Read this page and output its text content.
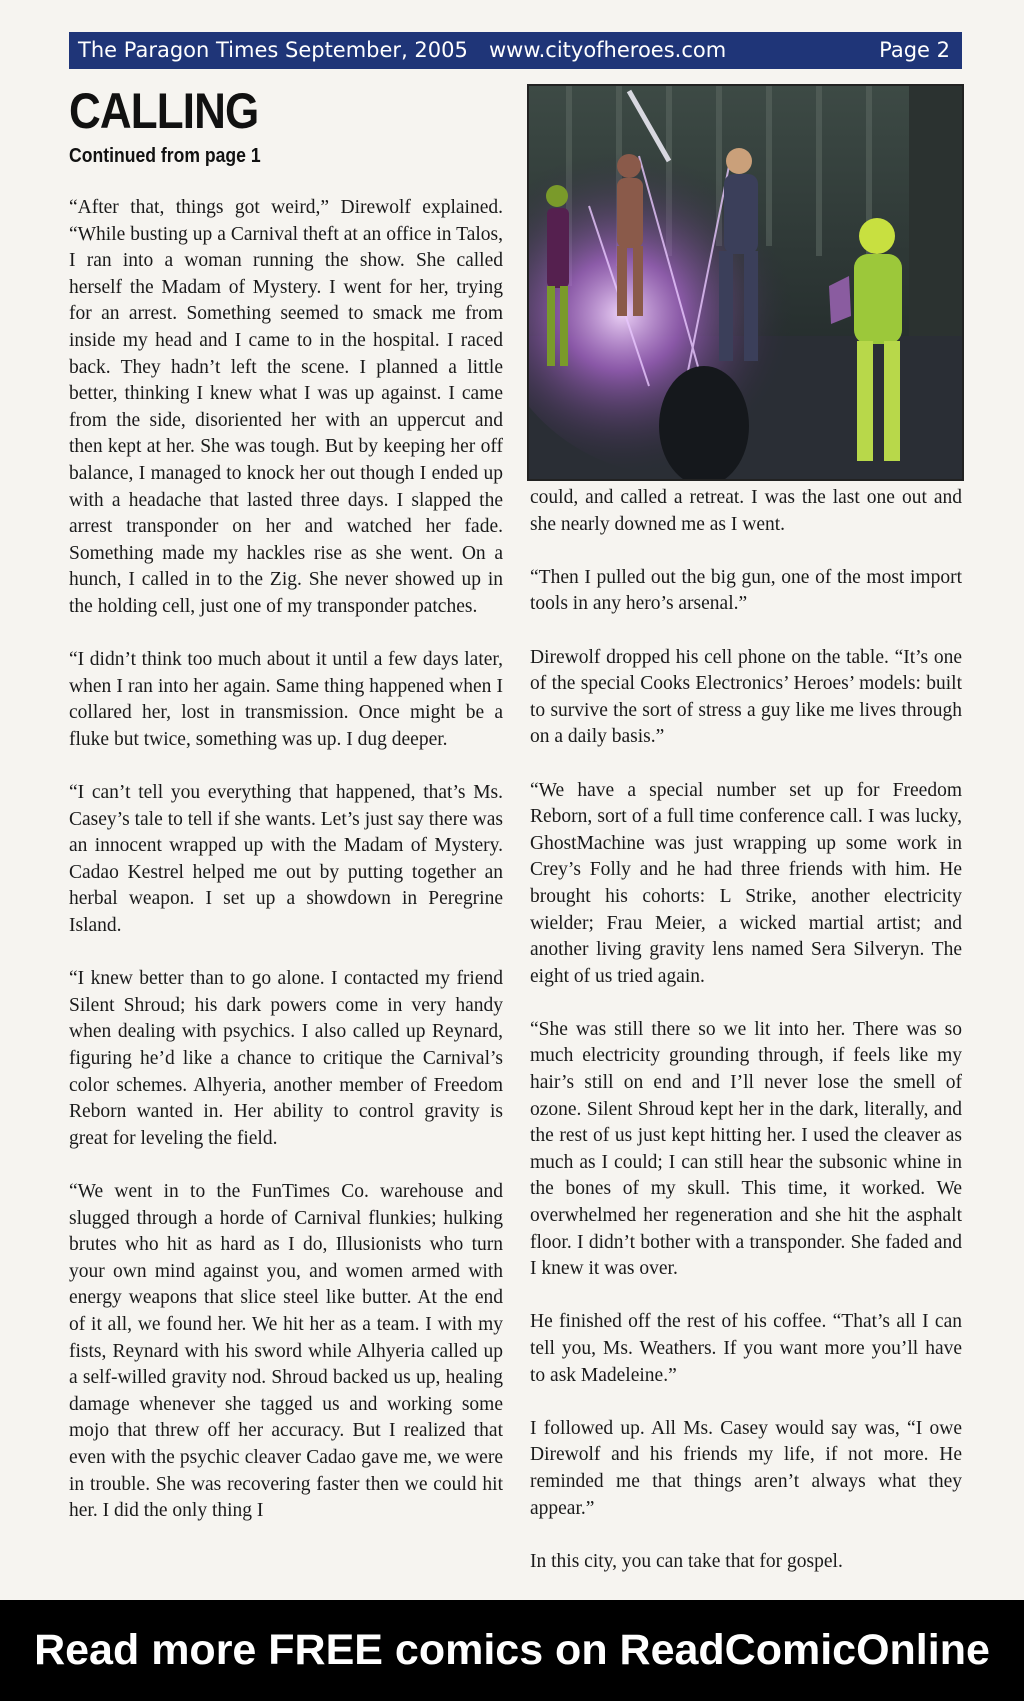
The Paragon Times September, 2005 www.cityofheroes.com	Page 2
CALLING
Continued from page 1

“After that, things got weird,” Direwolf explained. “While busting up a Carnival theft at an office in Talos, I ran into a woman running the show. She called herself the Madam of Mystery. I went for her, trying for an arrest. Something seemed to smack me from inside my head and I came to in the hospital. I raced back. They hadn’t left the scene. I planned a little better, thinking I knew what I was up against. I came from the side, disoriented her with an uppercut and then kept at her. She was tough. But by keeping her off balance, I managed to knock her out though I ended up with a headache that lasted three days. I slapped the arrest transponder on her and watched her fade. Something made my hackles rise as she went. On a hunch, I called in to the Zig. She never showed up in the holding cell, just one of my transponder patches.

“I didn’t think too much about it until a few days later, when I ran into her again. Same thing happened when I collared her, lost in transmission. Once might be a fluke but twice, something was up. I dug deeper.

“I can’t tell you everything that happened, that’s Ms. Casey’s tale to tell if she wants. Let’s just say there was an innocent wrapped up with the Madam of Mystery. Cadao Kestrel helped me out by putting together an herbal weapon. I set up a showdown in Peregrine Island.

“I knew better than to go alone. I contacted my friend Silent Shroud; his dark powers come in very handy when dealing with psychics. I also called up Reynard, figuring he’d like a chance to critique the Carnival’s color schemes. Alhyeria, another member of Freedom Reborn wanted in. Her ability to control gravity is great for leveling the field.

“We went in to the FunTimes Co. warehouse and slugged through a horde of Carnival flunkies; hulking brutes who hit as hard as I do, Illusionists who turn your own mind against you, and women armed with energy weapons that slice steel like butter. At the end of it all, we found her. We hit her as a team. I with my fists, Reynard with his sword while Alhyeria called up a self-willed gravity nod. Shroud backed us up, healing damage whenever she tagged us and working some mojo that threw off her accuracy. But I realized that even with the psychic cleaver Cadao gave me, we were in trouble. She was recovering faster then we could hit her. I did the only thing I

could, and called a retreat. I was the last one out and she nearly downed me as I went.

“Then I pulled out the big gun, one of the most import tools in any hero’s arsenal.”

Direwolf dropped his cell phone on the table. “It’s one of the special Cooks Electronics’ Heroes’ models: built to survive the sort of stress a guy like me lives through on a daily basis.”

“We have a special number set up for Freedom Reborn, sort of a full time conference call. I was lucky, GhostMachine was just wrapping up some work in Crey’s Folly and he had three friends with him. He brought his cohorts: L Strike, another electricity wielder; Frau Meier, a wicked martial artist; and another living gravity lens named Sera Silveryn. The eight of us tried again.

“She was still there so we lit into her. There was so much electricity grounding through, if feels like my hair’s still on end and I’ll never lose the smell of ozone. Silent Shroud kept her in the dark, literally, and the rest of us just kept hitting her. I used the cleaver as much as I could; I can still hear the subsonic whine in the bones of my skull. This time, it worked. We overwhelmed her regeneration and she hit the asphalt floor. I didn’t bother with a transponder. She faded and I knew it was over.

He finished off the rest of his coffee. “That’s all I can tell you, Ms. Weathers. If you want more you’ll have to ask Madeleine.”

I followed up. All Ms. Casey would say was, “I owe Direwolf and his friends my life, if not more. He reminded me that things aren’t always what they appear.”

In this city, you can take that for gospel.

Read more FREE comics on ReadComicOnline
